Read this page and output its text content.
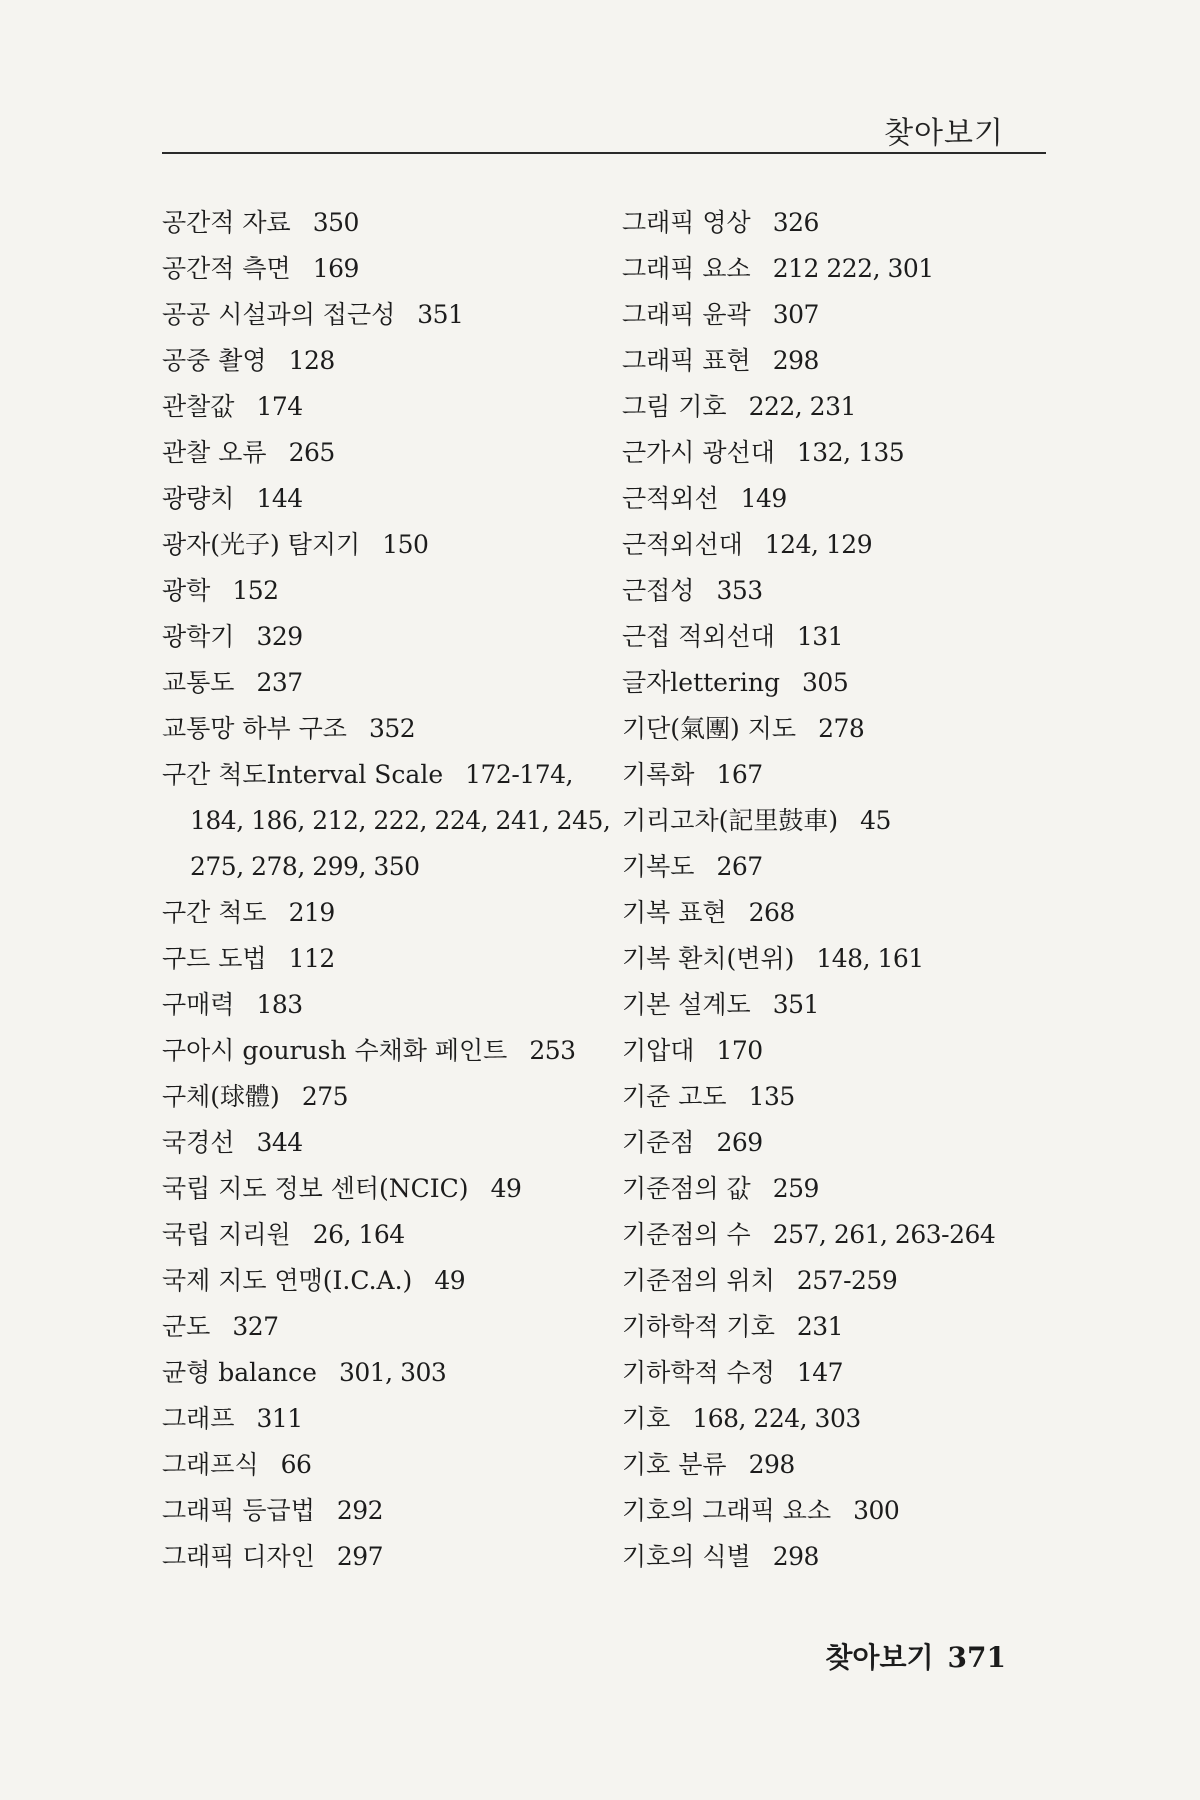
찾아보기
공간적 자료 350
공간적 측면 169
공공 시설과의 접근성 351
공중 촬영 128
관찰값 174
관찰 오류 265
광량치 144
광자(光子) 탐지기 150
광학 152
광학기 329
교통도 237
교통망 하부 구조 352
구간 척도Interval Scale 172-174,
184, 186, 212, 222, 224, 241, 245,
275, 278, 299, 350
구간 척도 219
구드 도법 112
구매력 183
구아시 gourush 수채화 페인트 253
구체(球體) 275
국경선 344
국립 지도 정보 센터(NCIC) 49
국립 지리원 26, 164
국제 지도 연맹(I.C.A.) 49
군도 327
균형 balance 301, 303
그래프 311
그래프식 66
그래픽 등급법 292
그래픽 디자인 297
그래픽 영상 326
그래픽 요소 212 222, 301
그래픽 윤곽 307
그래픽 표현 298
그림 기호 222, 231
근가시 광선대 132, 135
근적외선 149
근적외선대 124, 129
근접성 353
근접 적외선대 131
글자lettering 305
기단(氣團) 지도 278
기록화 167
기리고차(記里鼓車) 45
기복도 267
기복 표현 268
기복 환치(변위) 148, 161
기본 설계도 351
기압대 170
기준 고도 135
기준점 269
기준점의 값 259
기준점의 수 257, 261, 263-264
기준점의 위치 257-259
기하학적 기호 231
기하학적 수정 147
기호 168, 224, 303
기호 분류 298
기호의 그래픽 요소 300
기호의 식별 298
찾아보기 371
